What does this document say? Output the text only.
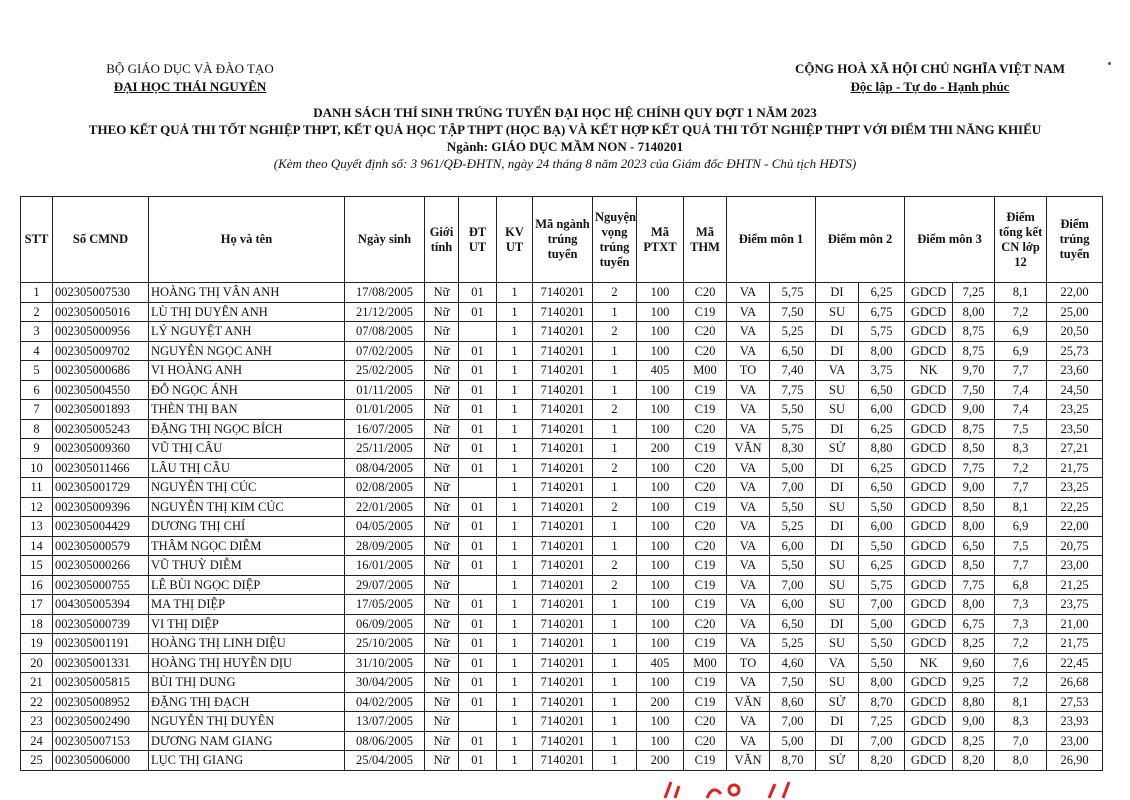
BỘ GIÁO DỤC VÀ ĐÀO TẠO
ĐẠI HỌC THÁI NGUYÊN
CỘNG HOÀ XÃ HỘI CHỦ NGHĨA VIỆT NAM
Độc lập - Tự do - Hạnh phúc
DANH SÁCH THÍ SINH TRÚNG TUYỂN ĐẠI HỌC HỆ CHÍNH QUY ĐỢT 1 NĂM 2023
THEO KẾT QUẢ THI TỐT NGHIỆP THPT, KẾT QUẢ HỌC TẬP THPT (HỌC BẠ) VÀ KẾT HỢP KẾT QUẢ THI TỐT NGHIỆP THPT VỚI ĐIỂM THI NĂNG KHIẾU
Ngành: GIÁO DỤC MẦM NON - 7140201
(Kèm theo Quyết định số: 3 961/QĐ-ĐHTN, ngày 24 tháng 8 năm 2023 của Giám đốc ĐHTN - Chủ tịch HĐTS)
STT	Số CMND	Họ và tên	Ngày sinh	Giới tính	ĐT UT	KV UT	Mã ngành trúng tuyển	Nguyện vọng trúng tuyển	Mã PTXT	Mã THM	Điểm môn 1		Điểm môn 2		Điểm môn 3		Điểm tổng kết CN lớp 12	Điểm trúng tuyển
1	002305007530	HOÀNG THỊ VÂN ANH	17/08/2005	Nữ	01	1	7140201	2	100	C20	VA	5,75	DI	6,25	GDCD	7,25	8,1	22,00
2	002305005016	LÙ THỊ DUYÊN ANH	21/12/2005	Nữ	01	1	7140201	1	100	C19	VA	7,50	SU	6,75	GDCD	8,00	7,2	25,00
3	002305000956	LÝ NGUYỆT ANH	07/08/2005	Nữ		1	7140201	2	100	C20	VA	5,25	DI	5,75	GDCD	8,75	6,9	20,50
4	002305009702	NGUYỄN NGỌC ANH	07/02/2005	Nữ	01	1	7140201	1	100	C20	VA	6,50	DI	8,00	GDCD	8,75	6,9	25,73
5	002305000686	VI HOÀNG ANH	25/02/2005	Nữ	01	1	7140201	1	405	M00	TO	7,40	VA	3,75	NK	9,70	7,7	23,60
6	002305004550	ĐỖ NGỌC ÁNH	01/11/2005	Nữ	01	1	7140201	1	100	C19	VA	7,75	SU	6,50	GDCD	7,50	7,4	24,50
7	002305001893	THÈN THỊ BAN	01/01/2005	Nữ	01	1	7140201	2	100	C19	VA	5,50	SU	6,00	GDCD	9,00	7,4	23,25
8	002305005243	ĐẶNG THỊ NGỌC BÍCH	16/07/2005	Nữ	01	1	7140201	1	100	C20	VA	5,75	DI	6,25	GDCD	8,75	7,5	23,50
9	002305009360	VŨ THỊ CÂU	25/11/2005	Nữ	01	1	7140201	1	200	C19	VĂN	8,30	SỬ	8,80	GDCD	8,50	8,3	27,21
10	002305011466	LÂU THỊ CÂU	08/04/2005	Nữ	01	1	7140201	2	100	C20	VA	5,00	DI	6,25	GDCD	7,75	7,2	21,75
11	002305001729	NGUYỄN THỊ CÚC	02/08/2005	Nữ		1	7140201	1	100	C20	VA	7,00	DI	6,50	GDCD	9,00	7,7	23,25
12	002305009396	NGUYỄN THỊ KIM CÚC	22/01/2005	Nữ	01	1	7140201	2	100	C19	VA	5,50	SU	5,50	GDCD	8,50	8,1	22,25
13	002305004429	DƯƠNG THỊ CHÍ	04/05/2005	Nữ	01	1	7140201	1	100	C20	VA	5,25	DI	6,00	GDCD	8,00	6,9	22,00
14	002305000579	THÂM NGỌC DIỄM	28/09/2005	Nữ	01	1	7140201	1	100	C20	VA	6,00	DI	5,50	GDCD	6,50	7,5	20,75
15	002305000266	VŨ THUỲ DIỄM	16/01/2005	Nữ	01	1	7140201	2	100	C19	VA	5,50	SU	6,25	GDCD	8,50	7,7	23,00
16	002305000755	LÊ BÙI NGỌC DIỆP	29/07/2005	Nữ		1	7140201	2	100	C19	VA	7,00	SU	5,75	GDCD	7,75	6,8	21,25
17	004305005394	MA THỊ DIỆP	17/05/2005	Nữ	01	1	7140201	1	100	C19	VA	6,00	SU	7,00	GDCD	8,00	7,3	23,75
18	002305000739	VI THỊ DIỆP	06/09/2005	Nữ	01	1	7140201	1	100	C20	VA	6,50	DI	5,00	GDCD	6,75	7,3	21,00
19	002305001191	HOÀNG THỊ LINH DIỆU	25/10/2005	Nữ	01	1	7140201	1	100	C19	VA	5,25	SU	5,50	GDCD	8,25	7,2	21,75
20	002305001331	HOÀNG THỊ HUYỀN DỊU	31/10/2005	Nữ	01	1	7140201	1	405	M00	TO	4,60	VA	5,50	NK	9,60	7,6	22,45
21	002305005815	BÙI THỊ DUNG	30/04/2005	Nữ	01	1	7140201	1	100	C19	VA	7,50	SU	8,00	GDCD	9,25	7,2	26,68
22	002305008952	ĐẶNG THỊ ĐẠCH	04/02/2005	Nữ	01	1	7140201	1	200	C19	VĂN	8,60	SỬ	8,70	GDCD	8,80	8,1	27,53
23	002305002490	NGUYỄN THỊ DUYÊN	13/07/2005	Nữ		1	7140201	1	100	C20	VA	7,00	DI	7,25	GDCD	9,00	8,3	23,93
24	002305007153	DƯƠNG NAM GIANG	08/06/2005	Nữ	01	1	7140201	1	100	C20	VA	5,00	DI	7,00	GDCD	8,25	7,0	23,00
25	002305006000	LỤC THỊ GIANG	25/04/2005	Nữ	01	1	7140201	1	200	C19	VĂN	8,70	SỬ	8,20	GDCD	8,20	8,0	26,90
